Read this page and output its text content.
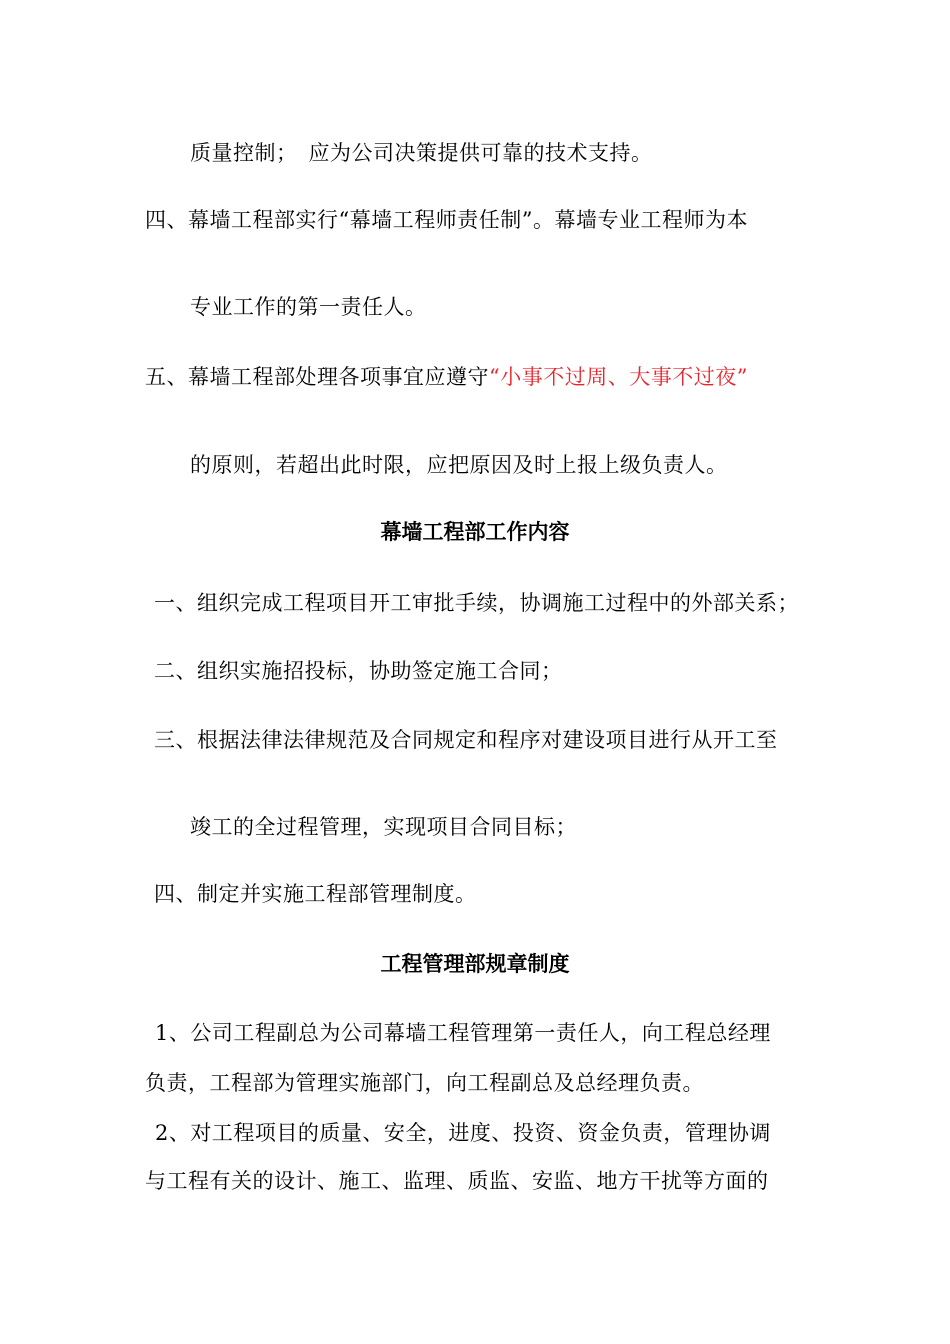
质量控制；　应为公司决策提供可靠的技术支持。
四、幕墙工程部实行“幕墙工程师责任制”。幕墙专业工程师为本
专业工作的第一责任人。
五、幕墙工程部处理各项事宜应遵守“小事不过周、大事不过夜”
的原则，若超出此时限，应把原因及时上报上级负责人。
幕墙工程部工作内容
一、组织完成工程项目开工审批手续，协调施工过程中的外部关系；
二、组织实施招投标，协助签定施工合同；
三、根据法律法律规范及合同规定和程序对建设项目进行从开工至
竣工的全过程管理，实现项目合同目标；
四、制定并实施工程部管理制度。
工程管理部规章制度
1、公司工程副总为公司幕墙工程管理第一责任人，向工程总经理
负责，工程部为管理实施部门，向工程副总及总经理负责。
2、对工程项目的质量、安全，进度、投资、资金负责，管理协调
与工程有关的设计、施工、监理、质监、安监、地方干扰等方面的
